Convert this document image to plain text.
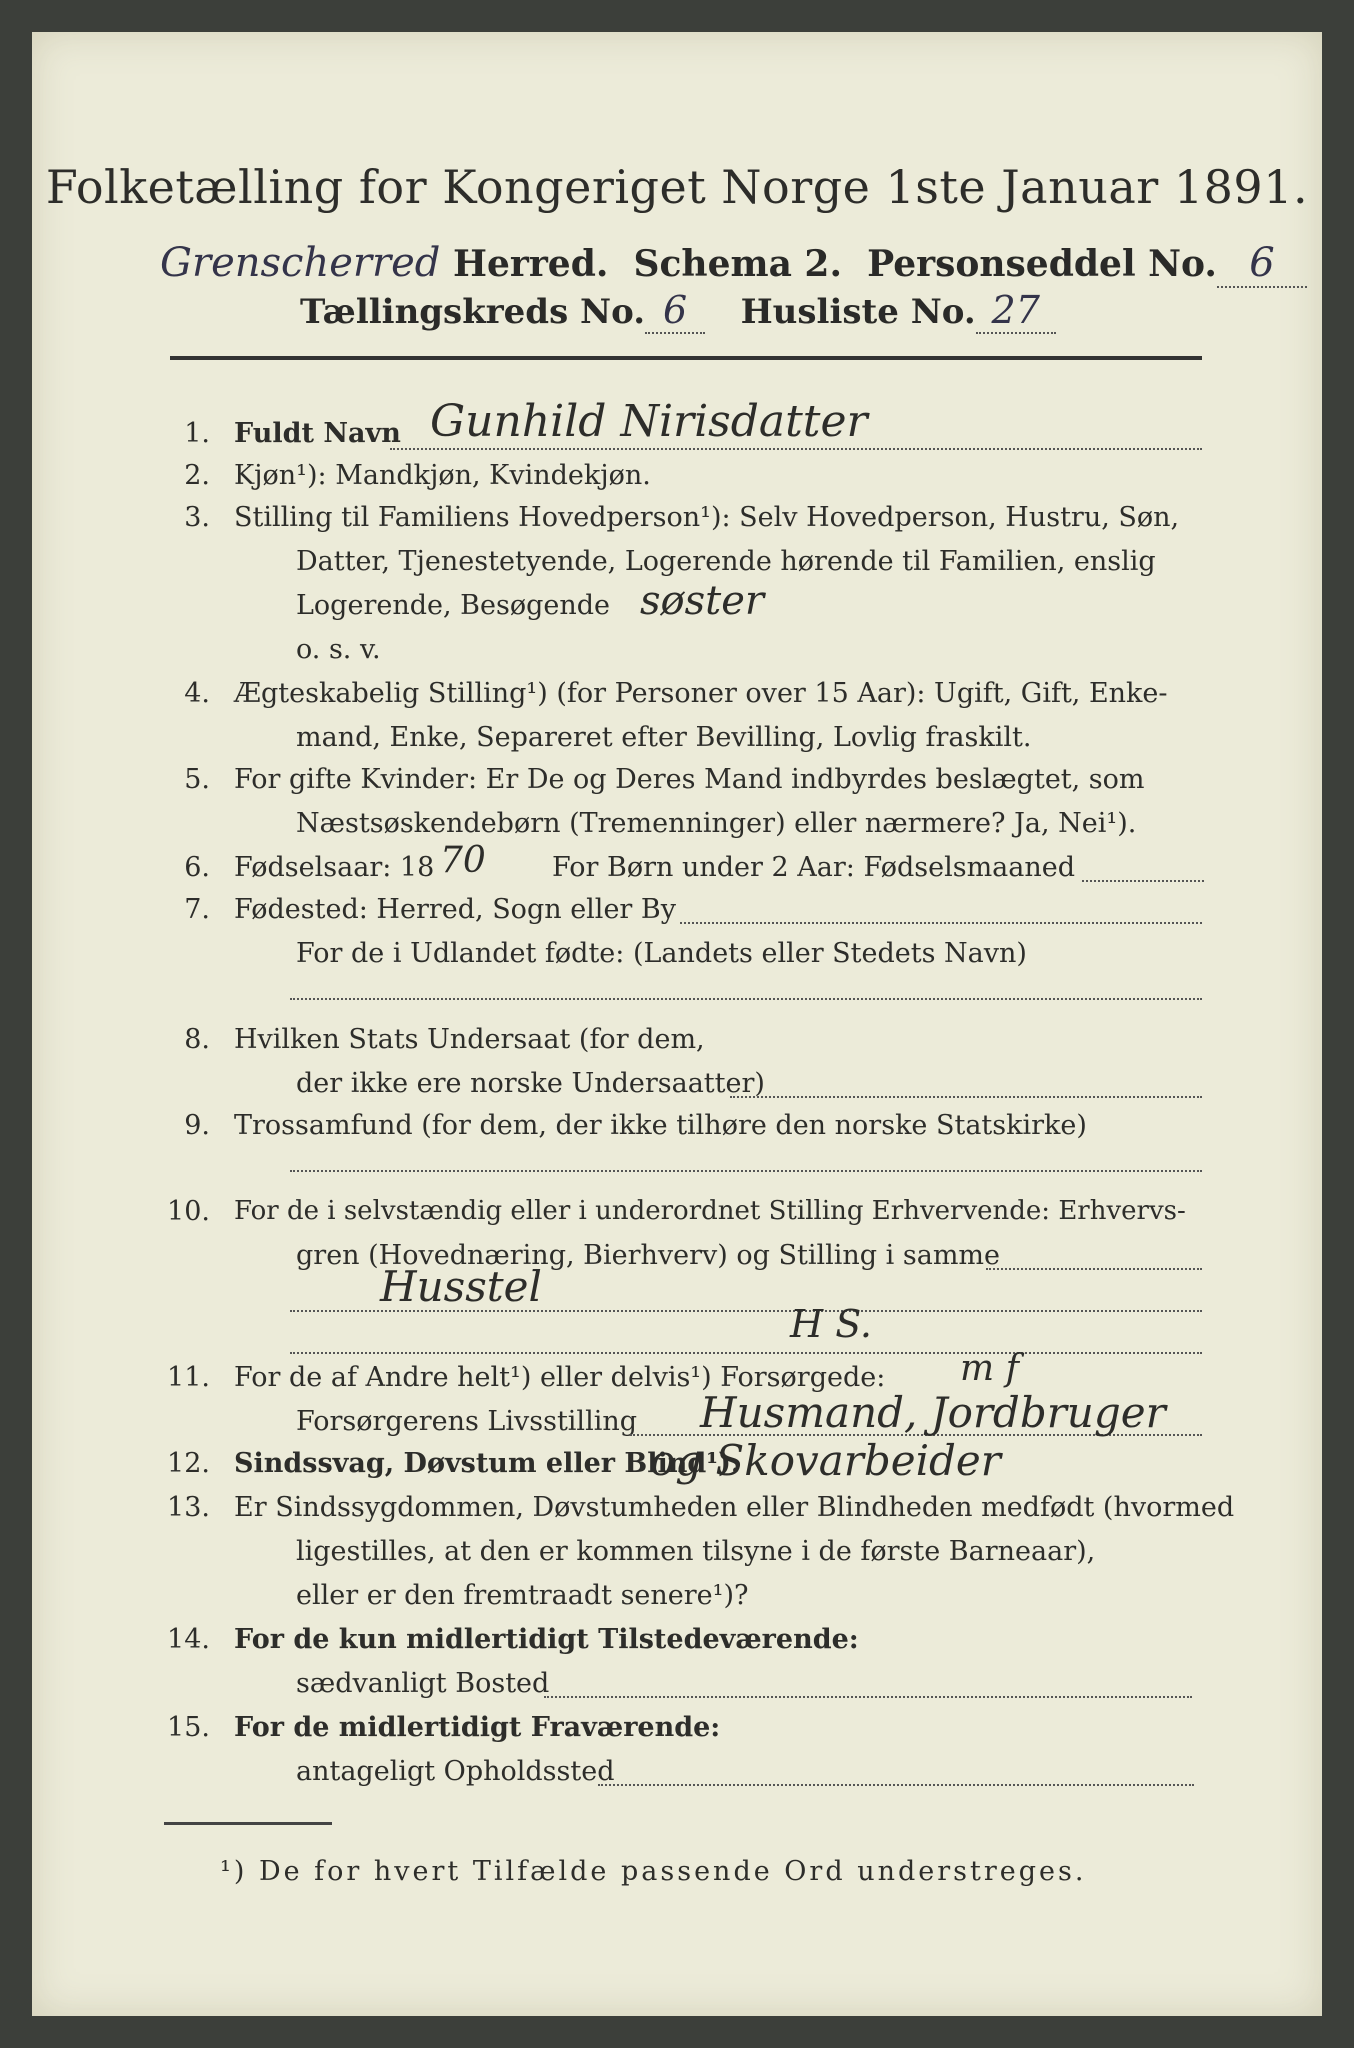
Folketælling for Kongeriget Norge 1ste Januar 1891.
Grenscherred Herred. Schema 2. Personseddel No. 6
Tællingskreds No. 6 Husliste No. 27
1. Fuldt Navn Gunhild Nirisdatter
2. Kjøn¹): Mandkjøn, Kvindekjøn.
3. Stilling til Familiens Hovedperson¹): Selv Hovedperson, Hustru, Søn,
Datter, Tjenestetyende, Logerende hørende til Familien, enslig
Logerende, Besøgende søster
o. s. v.
4. Ægteskabelig Stilling¹) (for Personer over 15 Aar): Ugift, Gift, Enke-
mand, Enke, Separeret efter Bevilling, Lovlig fraskilt.
5. For gifte Kvinder: Er De og Deres Mand indbyrdes beslægtet, som
Næstsøskendebørn (Tremenninger) eller nærmere? Ja, Nei¹).
6. Fødselsaar: 18 70 For Børn under 2 Aar: Fødselsmaaned
7. Fødested: Herred, Sogn eller By
For de i Udlandet fødte: (Landets eller Stedets Navn)
8. Hvilken Stats Undersaat (for dem,
der ikke ere norske Undersaatter)
9. Trossamfund (for dem, der ikke tilhøre den norske Statskirke)
10. For de i selvstændig eller i underordnet Stilling Erhvervende: Erhvervs-
gren (Hovednæring, Bierhverv) og Stilling i samme
Husstel
H S.
11. For de af Andre helt¹) eller delvis¹) Forsørgede: m f
Forsørgerens Livsstilling Husmand, Jordbruger
12. Sindssvag, Døvstum eller Blind¹).
og Skovarbeider
13. Er Sindssygdommen, Døvstumheden eller Blindheden medfødt (hvormed
ligestilles, at den er kommen tilsyne i de første Barneaar),
eller er den fremtraadt senere¹)?
14. For de kun midlertidigt Tilstedeværende:
sædvanligt Bosted
15. For de midlertidigt Fraværende:
antageligt Opholdssted
¹) De for hvert Tilfælde passende Ord understreges.
